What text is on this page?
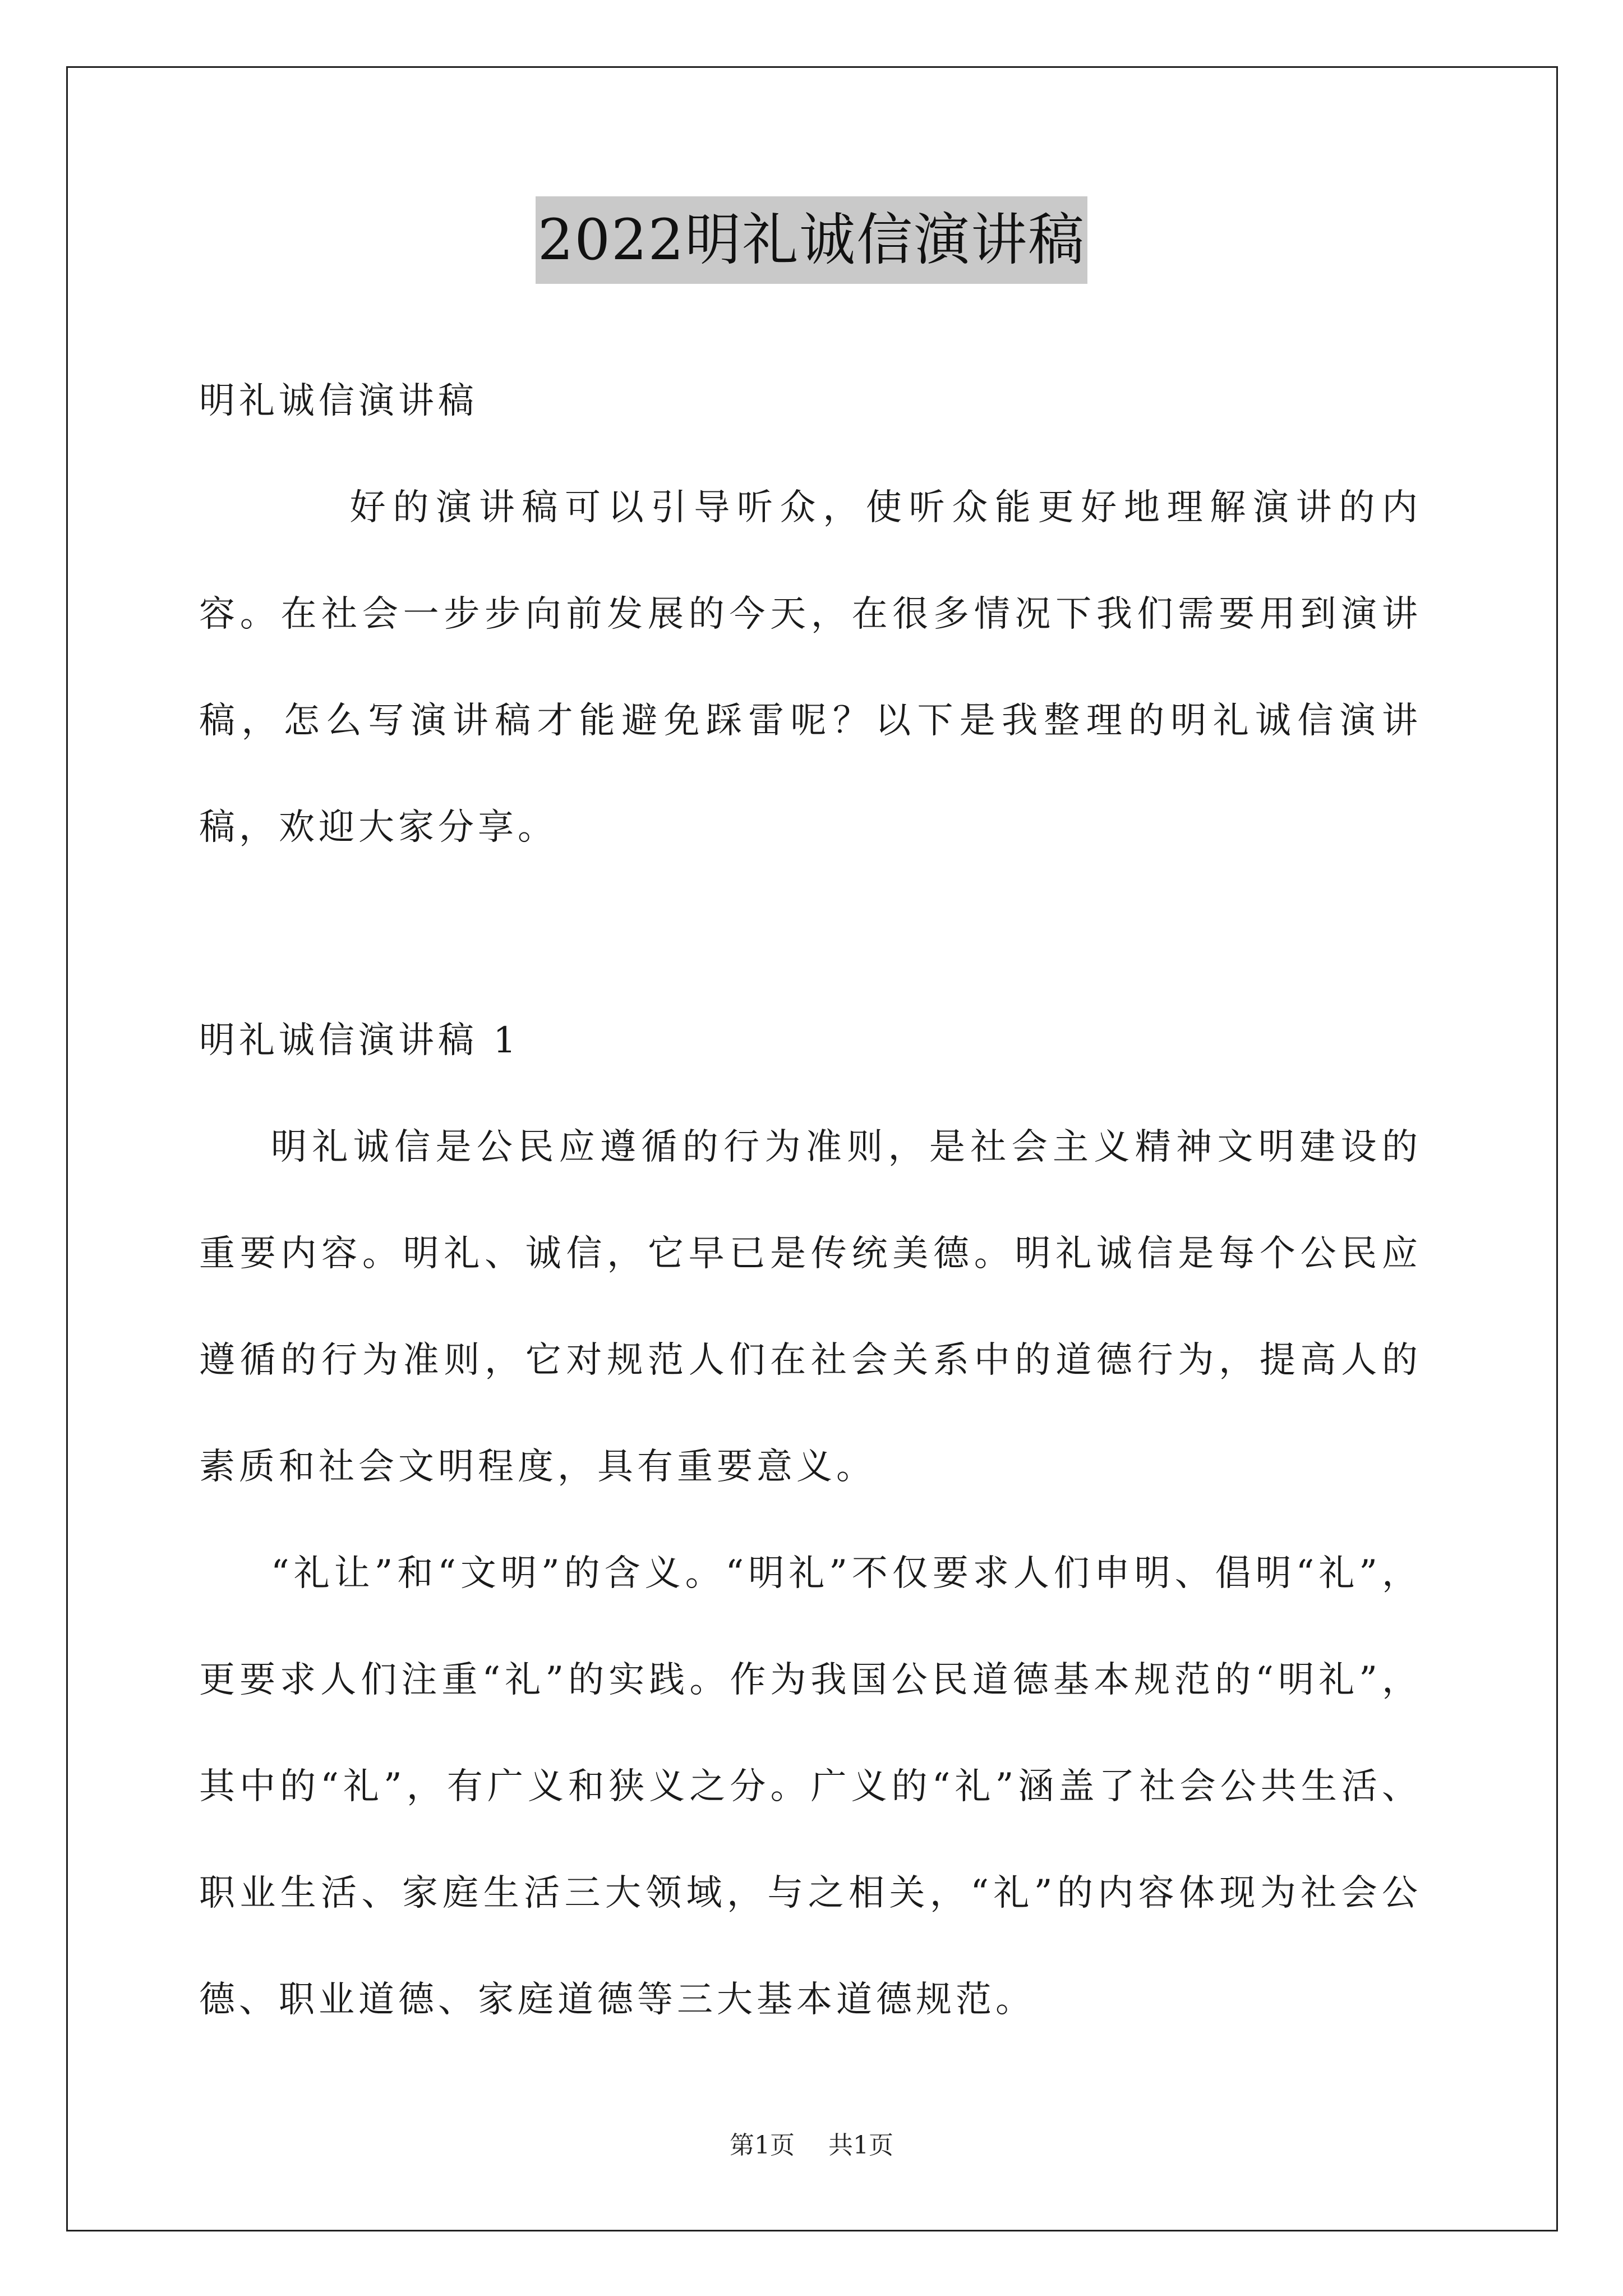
2022明礼诚信演讲稿

明礼诚信演讲稿

好的演讲稿可以引导听众，使听众能更好地理解演讲的内容。在社会一步步向前发展的今天，在很多情况下我们需要用到演讲稿，怎么写演讲稿才能避免踩雷呢？以下是我整理的明礼诚信演讲稿，欢迎大家分享。

明礼诚信演讲稿 1

明礼诚信是公民应遵循的行为准则，是社会主义精神文明建设的重要内容。明礼、诚信，它早已是传统美德。明礼诚信是每个公民应遵循的行为准则，它对规范人们在社会关系中的道德行为，提高人的素质和社会文明程度，具有重要意义。

“礼让”和“文明”的含义。“明礼”不仅要求人们申明、倡明“礼”，更要求人们注重“礼”的实践。作为我国公民道德基本规范的“明礼”，其中的“礼”，有广义和狭义之分。广义的“礼”涵盖了社会公共生活、职业生活、家庭生活三大领域，与之相关，“礼”的内容体现为社会公德、职业道德、家庭道德等三大基本道德规范。

第1页 共1页
